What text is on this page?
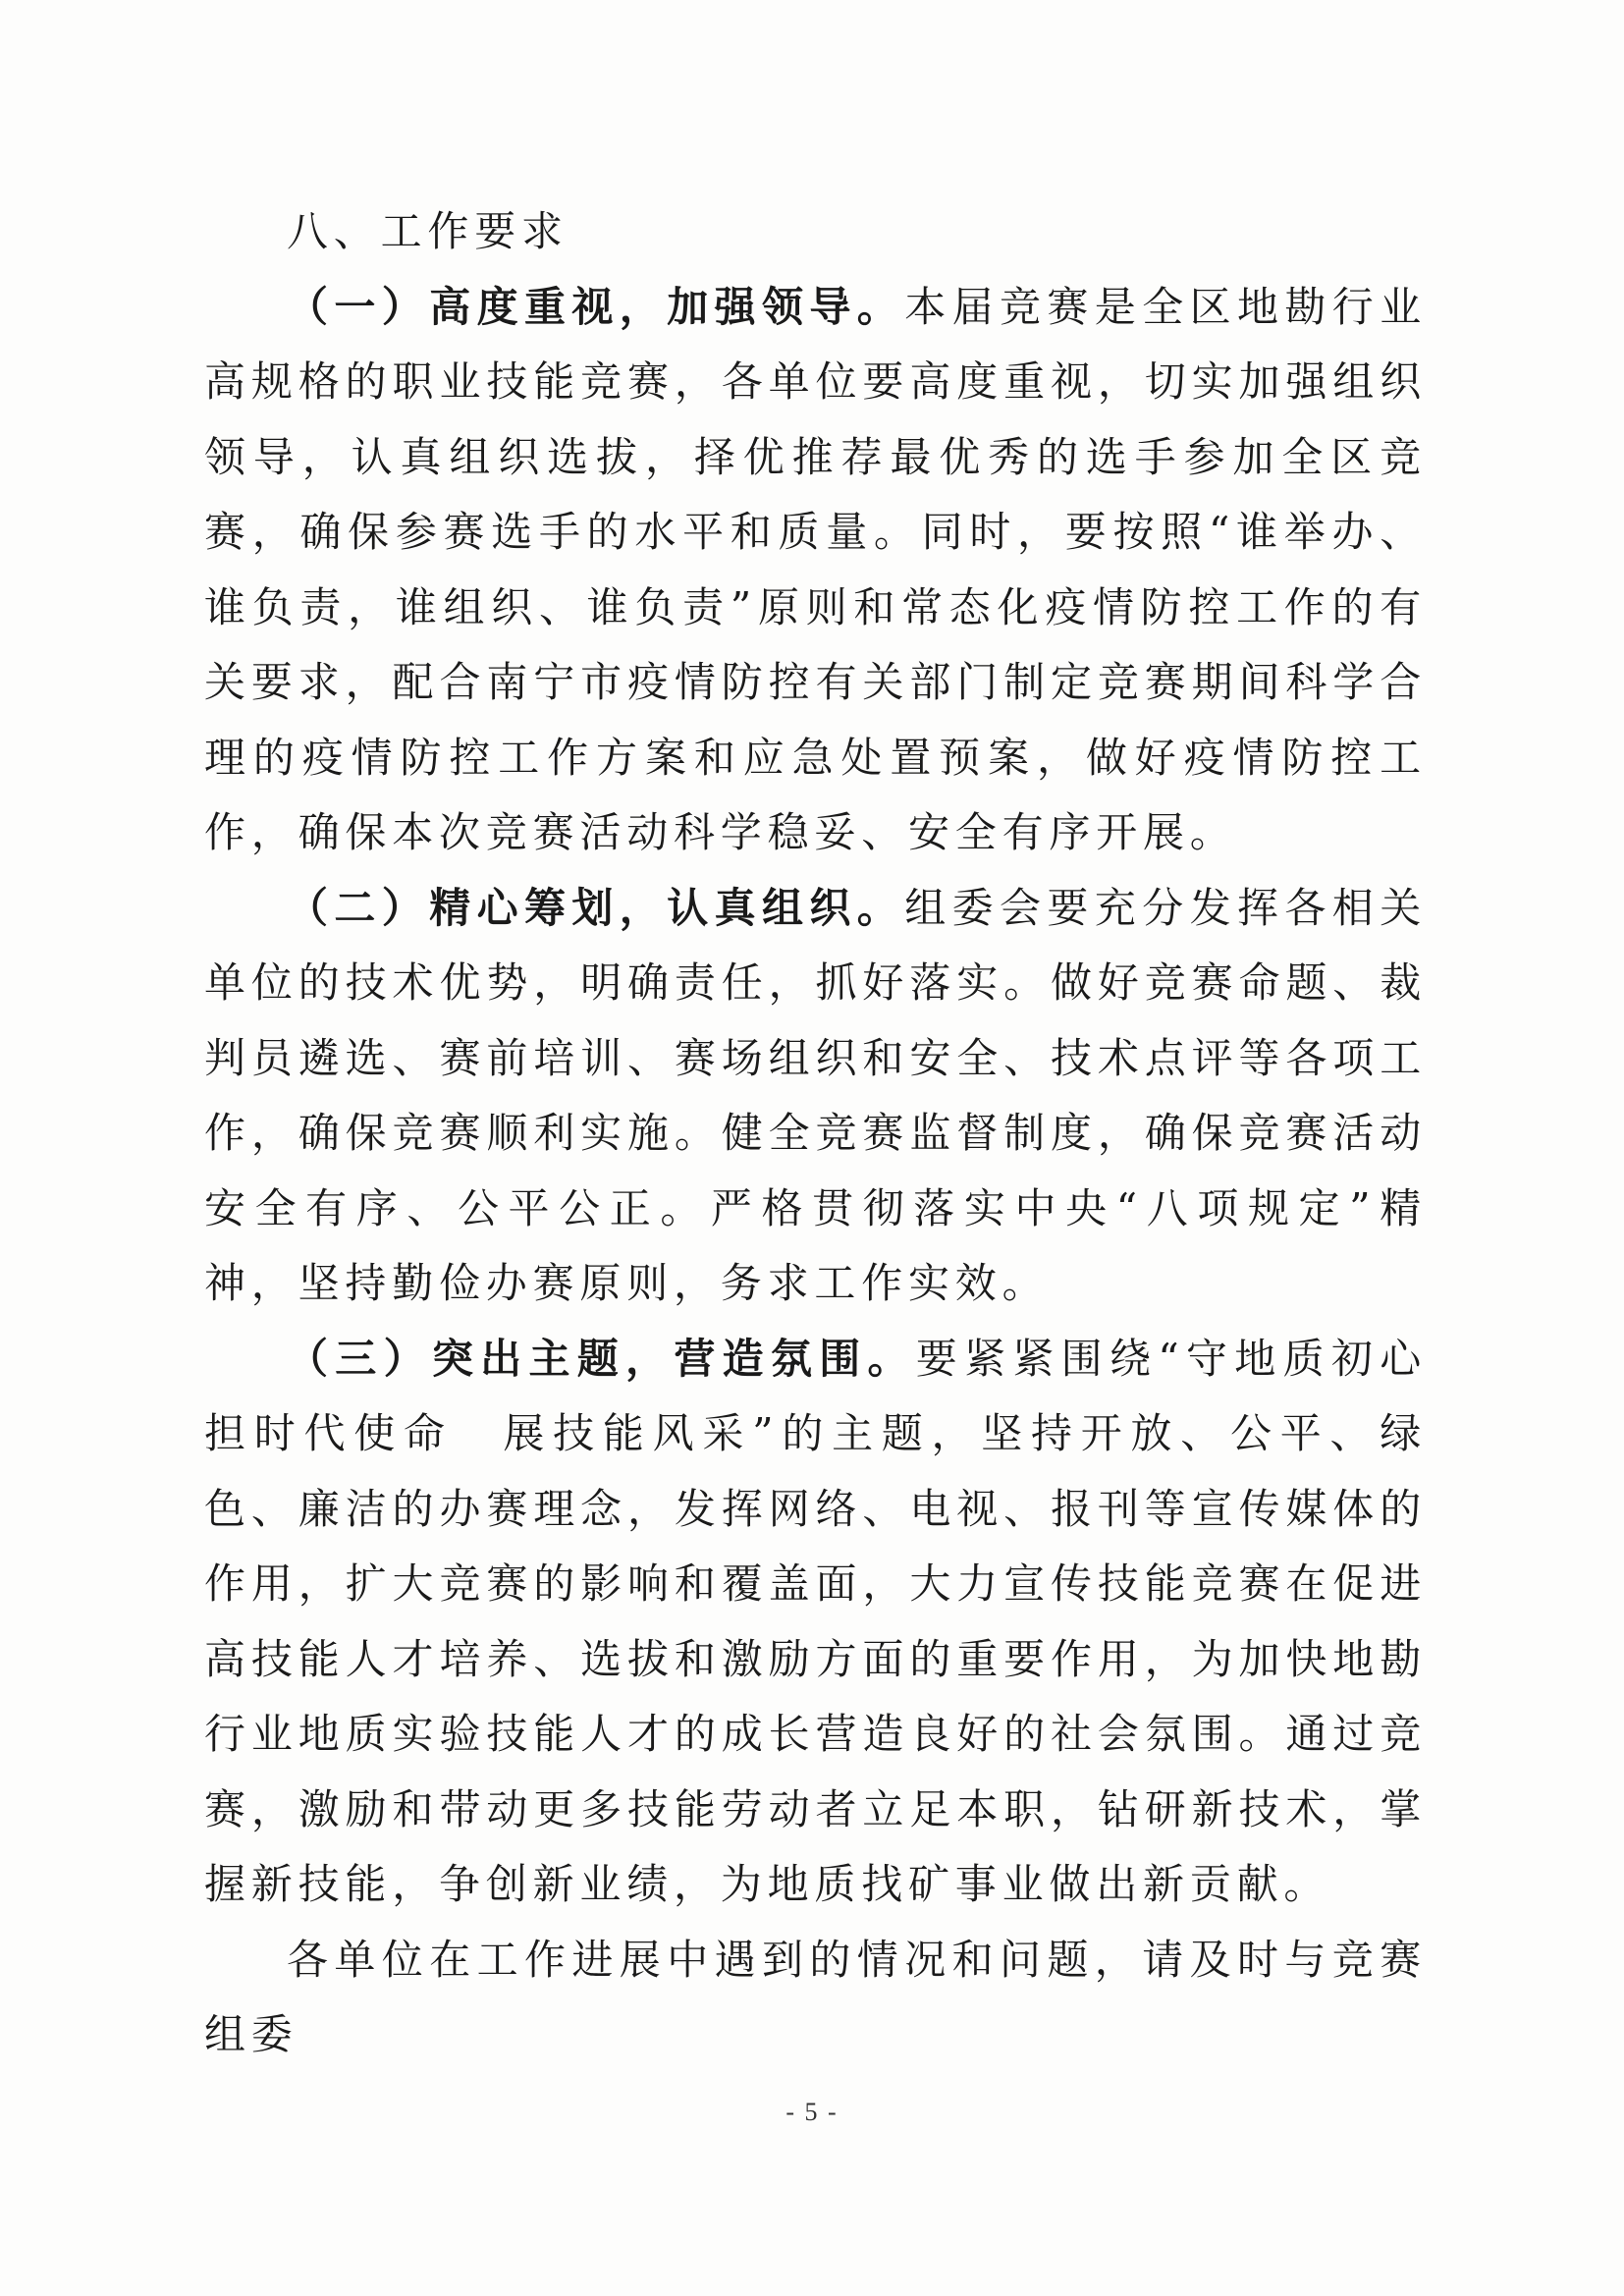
八、工作要求

（一）高度重视，加强领导。本届竞赛是全区地勘行业高规格的职业技能竞赛，各单位要高度重视，切实加强组织领导，认真组织选拔，择优推荐最优秀的选手参加全区竞赛，确保参赛选手的水平和质量。同时，要按照“谁举办、谁负责，谁组织、谁负责”原则和常态化疫情防控工作的有关要求，配合南宁市疫情防控有关部门制定竞赛期间科学合理的疫情防控工作方案和应急处置预案，做好疫情防控工作，确保本次竞赛活动科学稳妥、安全有序开展。

（二）精心筹划，认真组织。组委会要充分发挥各相关单位的技术优势，明确责任，抓好落实。做好竞赛命题、裁判员遴选、赛前培训、赛场组织和安全、技术点评等各项工作，确保竞赛顺利实施。健全竞赛监督制度，确保竞赛活动安全有序、公平公正。严格贯彻落实中央“八项规定”精神，坚持勤俭办赛原则，务求工作实效。

（三）突出主题，营造氛围。要紧紧围绕“守地质初心　担时代使命　展技能风采”的主题，坚持开放、公平、绿色、廉洁的办赛理念，发挥网络、电视、报刊等宣传媒体的作用，扩大竞赛的影响和覆盖面，大力宣传技能竞赛在促进高技能人才培养、选拔和激励方面的重要作用，为加快地勘行业地质实验技能人才的成长营造良好的社会氛围。通过竞赛，激励和带动更多技能劳动者立足本职，钻研新技术，掌握新技能，争创新业绩，为地质找矿事业做出新贡献。

各单位在工作进展中遇到的情况和问题，请及时与竞赛组委

- 5 -
